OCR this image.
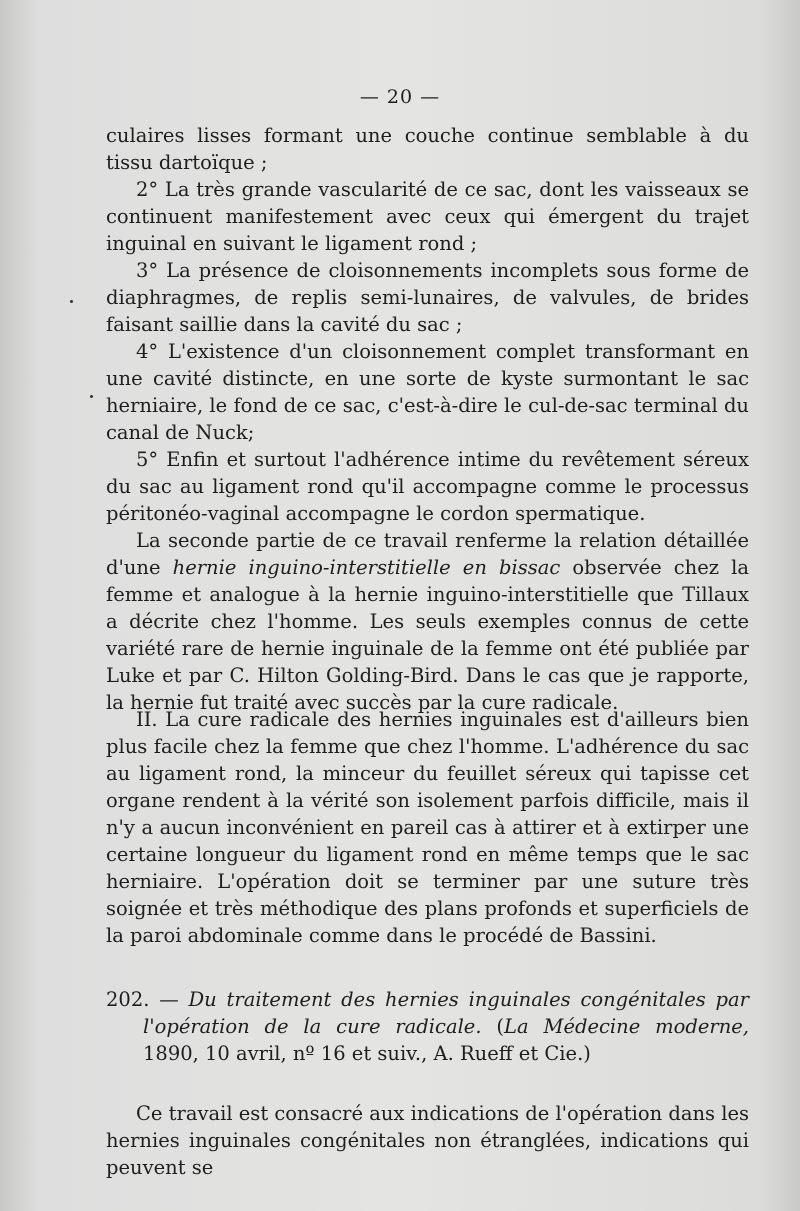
— 20 —

culaires lisses formant une couche continue semblable à du tissu dartoïque ;

2° La très grande vascularité de ce sac, dont les vaisseaux se continuent manifestement avec ceux qui émergent du trajet inguinal en suivant le ligament rond ;

3° La présence de cloisonnements incomplets sous forme de diaphragmes, de replis semi-lunaires, de valvules, de brides faisant saillie dans la cavité du sac ;

4° L'existence d'un cloisonnement complet transformant en une cavité distincte, en une sorte de kyste surmontant le sac herniaire, le fond de ce sac, c'est-à-dire le cul-de-sac terminal du canal de Nuck;

5° Enfin et surtout l'adhérence intime du revêtement séreux du sac au ligament rond qu'il accompagne comme le processus péritonéo-vaginal accompagne le cordon spermatique.

La seconde partie de ce travail renferme la relation détaillée d'une hernie inguino-interstitielle en bissac observée chez la femme et analogue à la hernie inguino-interstitielle que Tillaux a décrite chez l'homme. Les seuls exemples connus de cette variété rare de hernie inguinale de la femme ont été publiée par Luke et par C. Hilton Golding-Bird. Dans le cas que je rapporte, la hernie fut traité avec succès par la cure radicale.

II. La cure radicale des hernies inguinales est d'ailleurs bien plus facile chez la femme que chez l'homme. L'adhérence du sac au ligament rond, la minceur du feuillet séreux qui tapisse cet organe rendent à la vérité son isolement parfois difficile, mais il n'y a aucun inconvénient en pareil cas à attirer et à extirper une certaine longueur du ligament rond en même temps que le sac herniaire. L'opération doit se terminer par une suture très soignée et très méthodique des plans profonds et superficiels de la paroi abdominale comme dans le procédé de Bassini.

202. — Du traitement des hernies inguinales congénitales par l'opération de la cure radicale. (La Médecine moderne, 1890, 10 avril, nº 16 et suiv., A. Rueff et Cie.)

Ce travail est consacré aux indications de l'opération dans les hernies inguinales congénitales non étranglées, indications qui peuvent se
